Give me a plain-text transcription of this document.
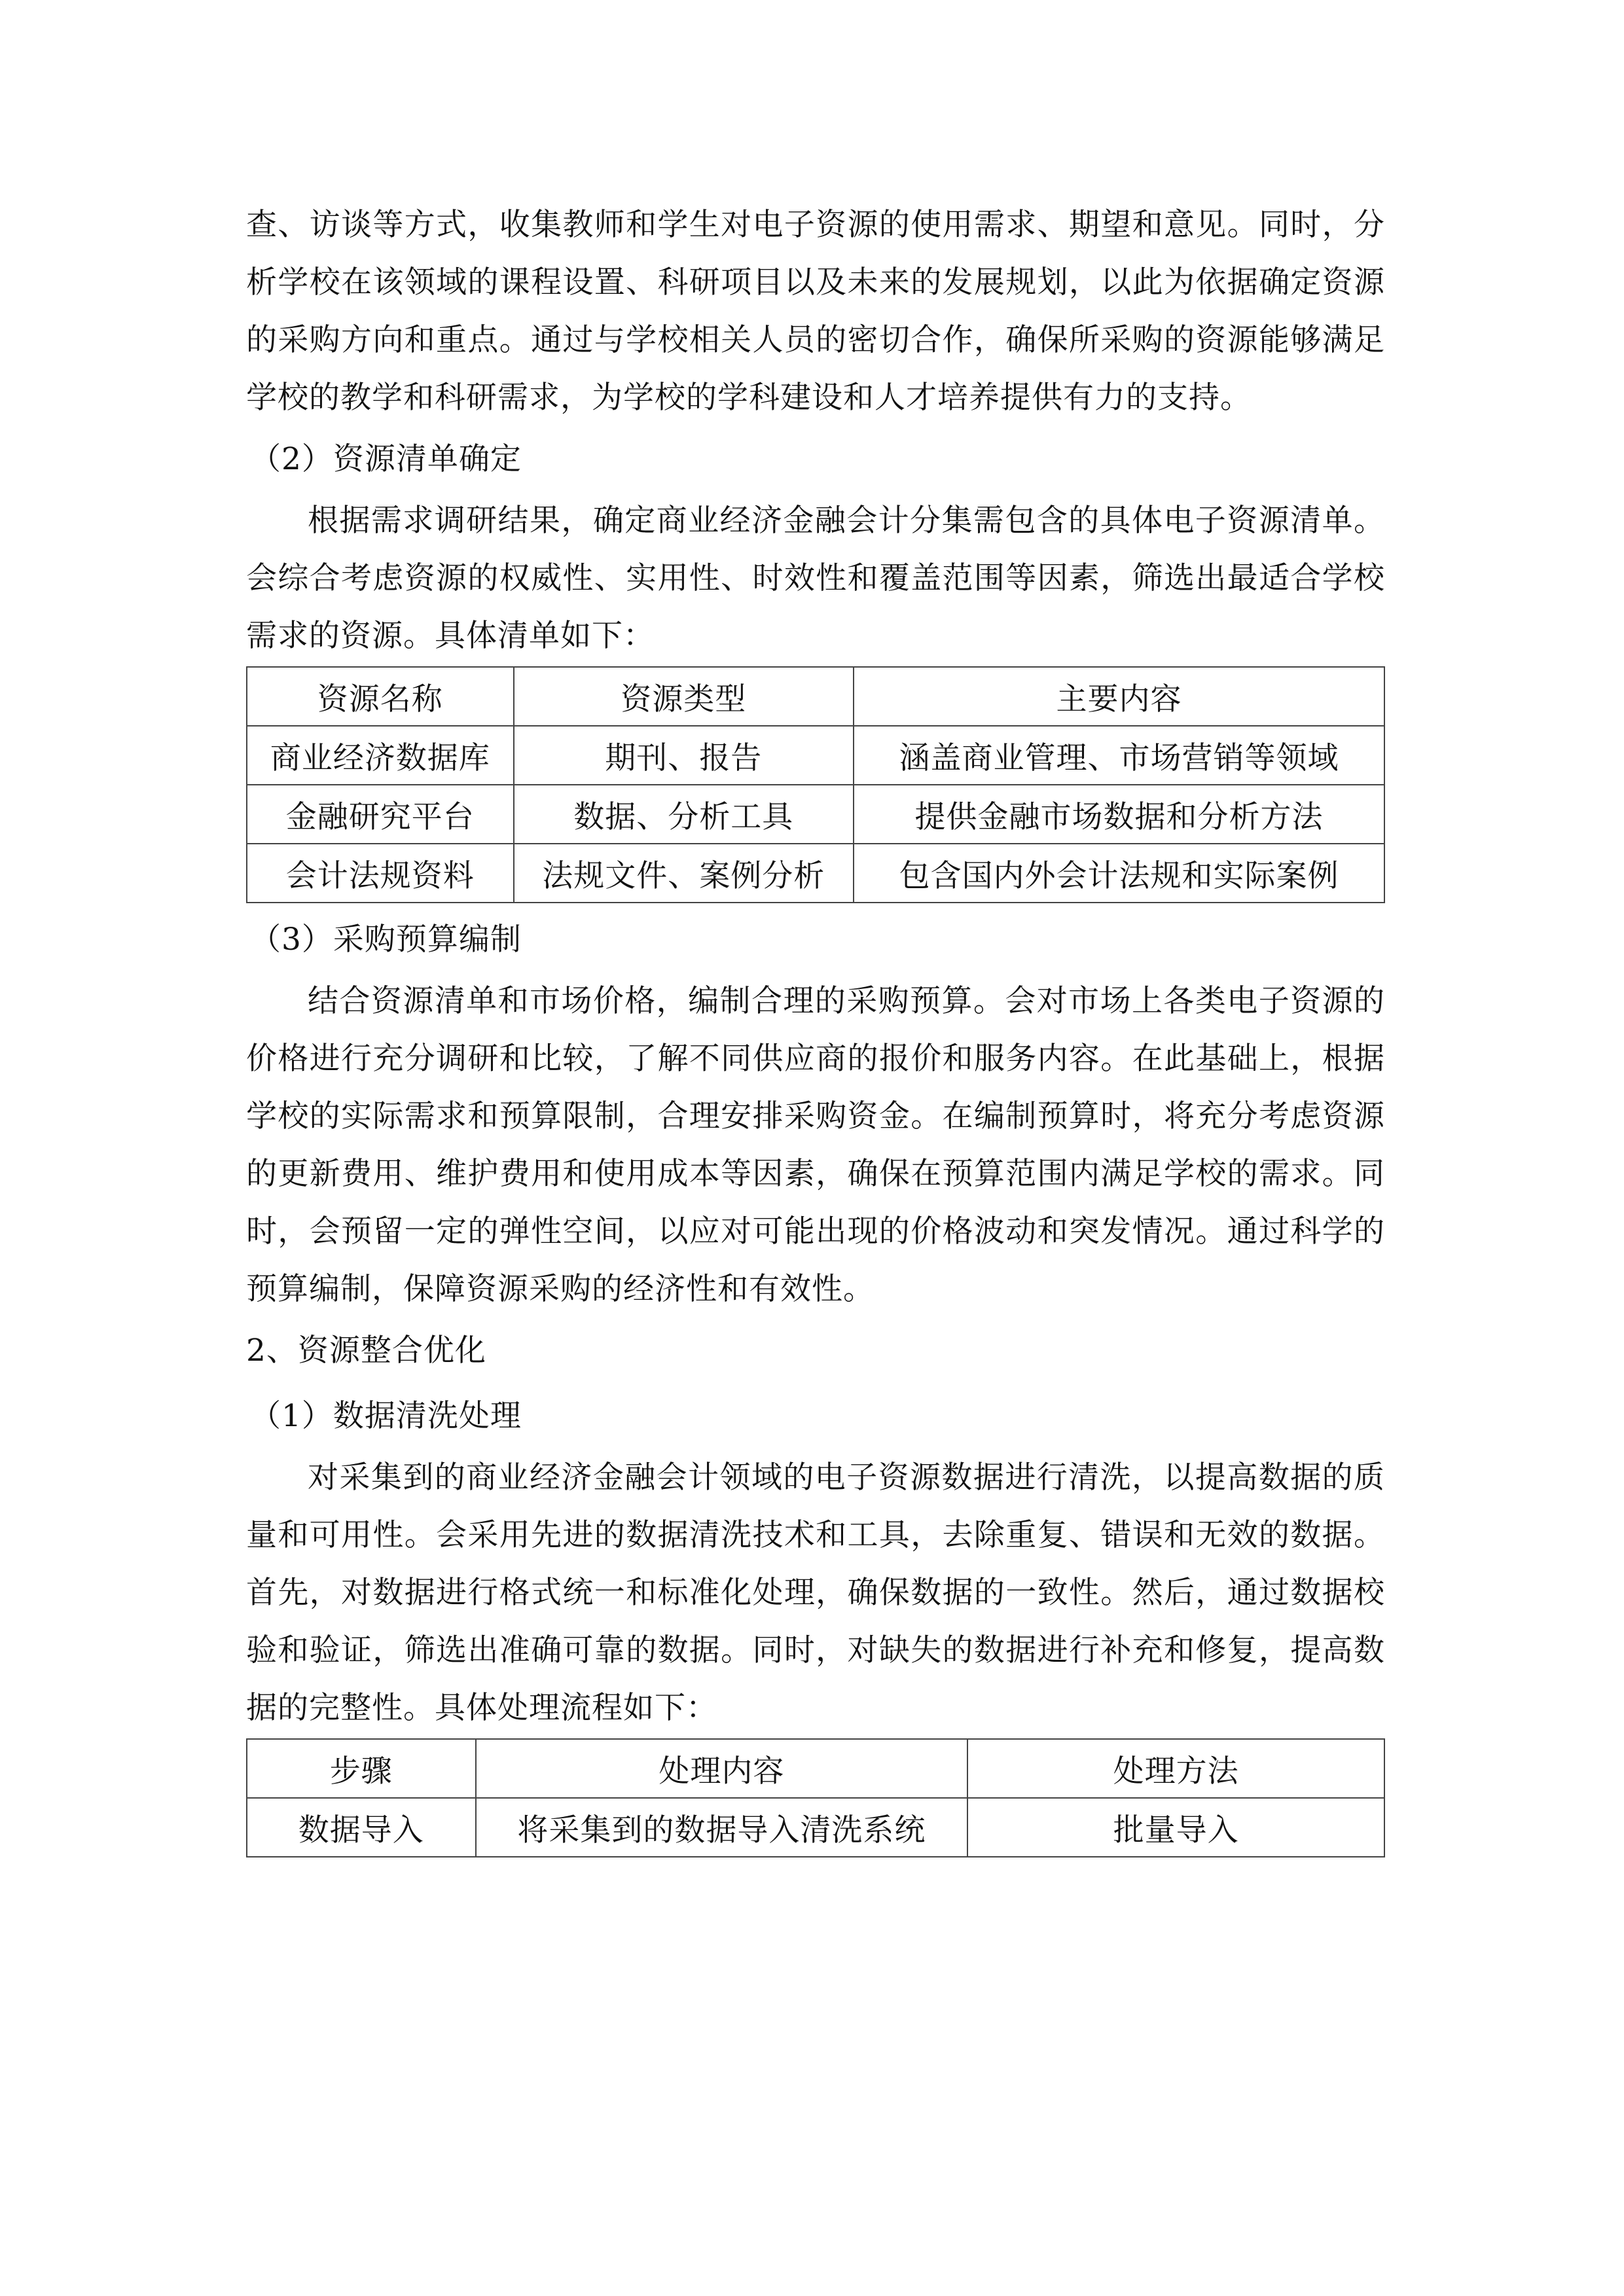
查、访谈等方式，收集教师和学生对电子资源的使用需求、期望和意见。同时，分析学校在该领域的课程设置、科研项目以及未来的发展规划，以此为依据确定资源的采购方向和重点。通过与学校相关人员的密切合作，确保所采购的资源能够满足学校的教学和科研需求，为学校的学科建设和人才培养提供有力的支持。

（2）资源清单确定

根据需求调研结果，确定商业经济金融会计分集需包含的具体电子资源清单。会综合考虑资源的权威性、实用性、时效性和覆盖范围等因素，筛选出最适合学校需求的资源。具体清单如下：

资源名称	资源类型	主要内容
商业经济数据库	期刊、报告	涵盖商业管理、市场营销等领域
金融研究平台	数据、分析工具	提供金融市场数据和分析方法
会计法规资料	法规文件、案例分析	包含国内外会计法规和实际案例
（3）采购预算编制

结合资源清单和市场价格，编制合理的采购预算。会对市场上各类电子资源的价格进行充分调研和比较，了解不同供应商的报价和服务内容。在此基础上，根据学校的实际需求和预算限制，合理安排采购资金。在编制预算时，将充分考虑资源的更新费用、维护费用和使用成本等因素，确保在预算范围内满足学校的需求。同时，会预留一定的弹性空间，以应对可能出现的价格波动和突发情况。通过科学的预算编制，保障资源采购的经济性和有效性。

2、资源整合优化
（1）数据清洗处理

对采集到的商业经济金融会计领域的电子资源数据进行清洗，以提高数据的质量和可用性。会采用先进的数据清洗技术和工具，去除重复、错误和无效的数据。首先，对数据进行格式统一和标准化处理，确保数据的一致性。然后，通过数据校验和验证，筛选出准确可靠的数据。同时，对缺失的数据进行补充和修复，提高数据的完整性。具体处理流程如下：

步骤	处理内容	处理方法
数据导入	将采集到的数据导入清洗系统	批量导入
